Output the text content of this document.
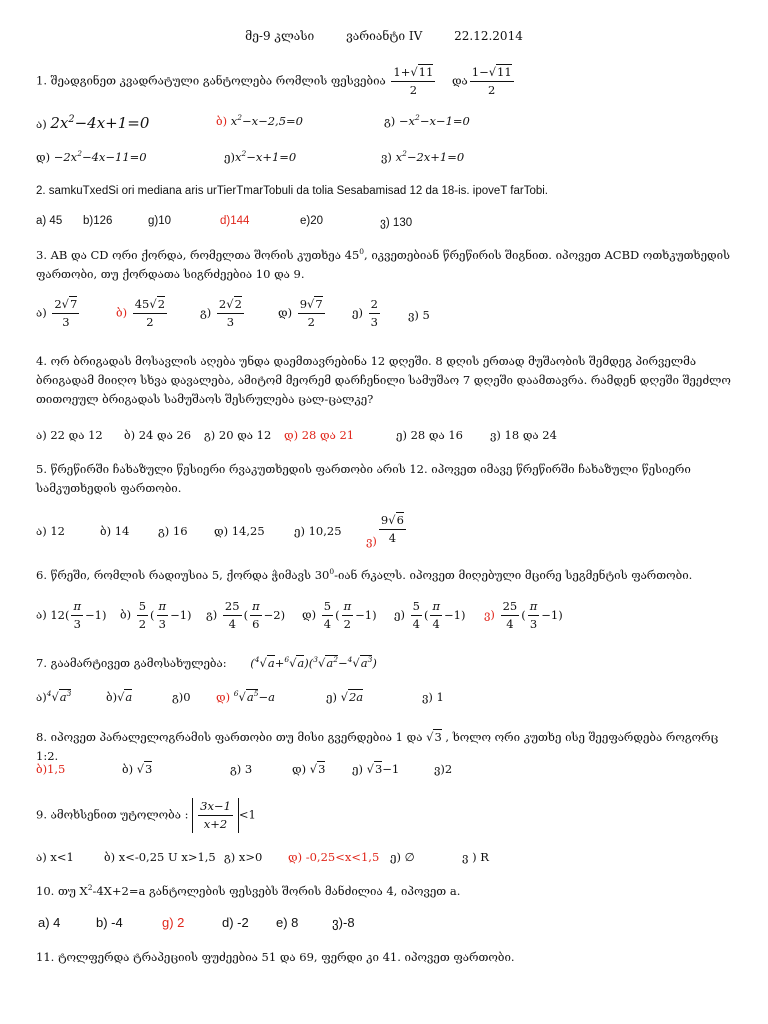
მე-9 კლასი	ვარიანტი IV	22.12.2014
1. შეადგინეთ კვადრატული განტოლება რომლის ფესვებია $\frac{1+√11}{2}$ და $\frac{1-√11}{2}$
ა) $2x^2-4x+1=0$	ბ) $x^2-x-2,5=0$	გ) $-x^2-x-1=0$
დ) $-2x^2-4x-11=0$	$ე)x^2-x+1=0$	ვ) $x^2-2x+1=0$
2. samkuTxedSi ori mediana aris urTierTmarTobuli da tolia Sesabamisad 12 da 18-is. ipoveT farTobi.
a) 45 b)126	g)10	d)144	e)20	ვ) 130
3. AB და CD ორი ქორდა, რომელთა შორის კუთხეა $45^0$, იკვეთებიან წრეწირის შიგნით. იპოვეთ ACBD ოთხკუთხედის ფართობი, თუ ქორდათა სიგრძეებია 10 და 9.
ა) $\frac{2√7}{3}$	ბ) $\frac{45√2}{2}$	გ) $\frac{2√2}{3}$	დ) $\frac{9√7}{2}$ ე) $\frac{2}{3}$ ვ) 5
4. ორ ბრიგადას მოსავლის აღება უნდა დაემთავრებინა 12 დღეში. 8 დღის ერთად მუშაობის შემდეგ პირველმა ბრიგადამ მიიღო სხვა დავალება, ამიტომ მეორემ დარჩენილი სამუშაო 7 დღეში დაამთავრა. რამდენ დღეში შეეძლო თითოეულ ბრიგადას სამუშაოს შესრულება ცალ-ცალკე?
ა) 22 და 12 ბ) 24 და 26 გ) 20 და 12 დ) 28 და 21	ე) 28 და 16 ვ) 18 და 24
5. წრეწირში ჩახაზული წესიერი რვაკუთხედის ფართობი არის 12. იპოვეთ იმავე წრეწირში ჩახაზული წესიერი სამკუთხედის ფართობი.
ა) 12	ბ) 14 გ) 16 დ) 14,25	ე) 10,25
ვ) $\frac{9√6}{4}$
6. წრეში, რომლის რადიუსია 5, ქორდა ჭიმავს $30^0$-იან რკალს. იპოვეთ მიღებული მცირე სეგმენტის ფართობი.
ა) $12( \frac{\pi}{3} -1)$ ბ) $\frac{5}{2}$ ( $\frac{\pi}{3} -1$) გ) $\frac{25}{4}$ ( $\frac{\pi}{6} -2$) დ) $\frac{5}{4}$ ( $\frac{\pi}{2} -1$) ე) $\frac{5}{4}$ ( $\frac{\pi}{4} -1$) ვ) $\frac{25}{4}$ ( $\frac{\pi}{3} -1$)
7. გაამარტივეთ გამოსახულება: $(^4√a+^6√a)(^3√a^2-^4√a^3)$
$ა)^4√a^3$	ბ)√a	გ)0 დ) $^6√a^5-a$	ე) √2a	ვ) 1
8. იპოვეთ პარალელოგრამის ფართობი თუ მისი გვერდებია 1 და √3 , ხოლო ორი კუთხე ისე შეეფარდება როგორც 1:2.
ბ)1,5	ბ) √3	გ) 3	დ) √3 ე) √3−1	ვ)2
9. ამოხსენით უტოლობა : $\frac{3x-1}{x+2} <1$
ა) x<1	ბ) x<-0,25 U x>1,5 გ) x>0 დ) -0,25<x<1,5 ე) ∅	ვ ) R
10. თუ $X^2-4X+2=a$ განტოლების ფესვებს შორის მანძილია 4, იპოვეთ a.
a) 4	b) -4	g) 2	d) -2 e) 8	ვ)-8
11. ტოლფერდა ტრაპეციის ფუძეებია 51 და 69, ფერდი კი 41. იპოვეთ ფართობი.
